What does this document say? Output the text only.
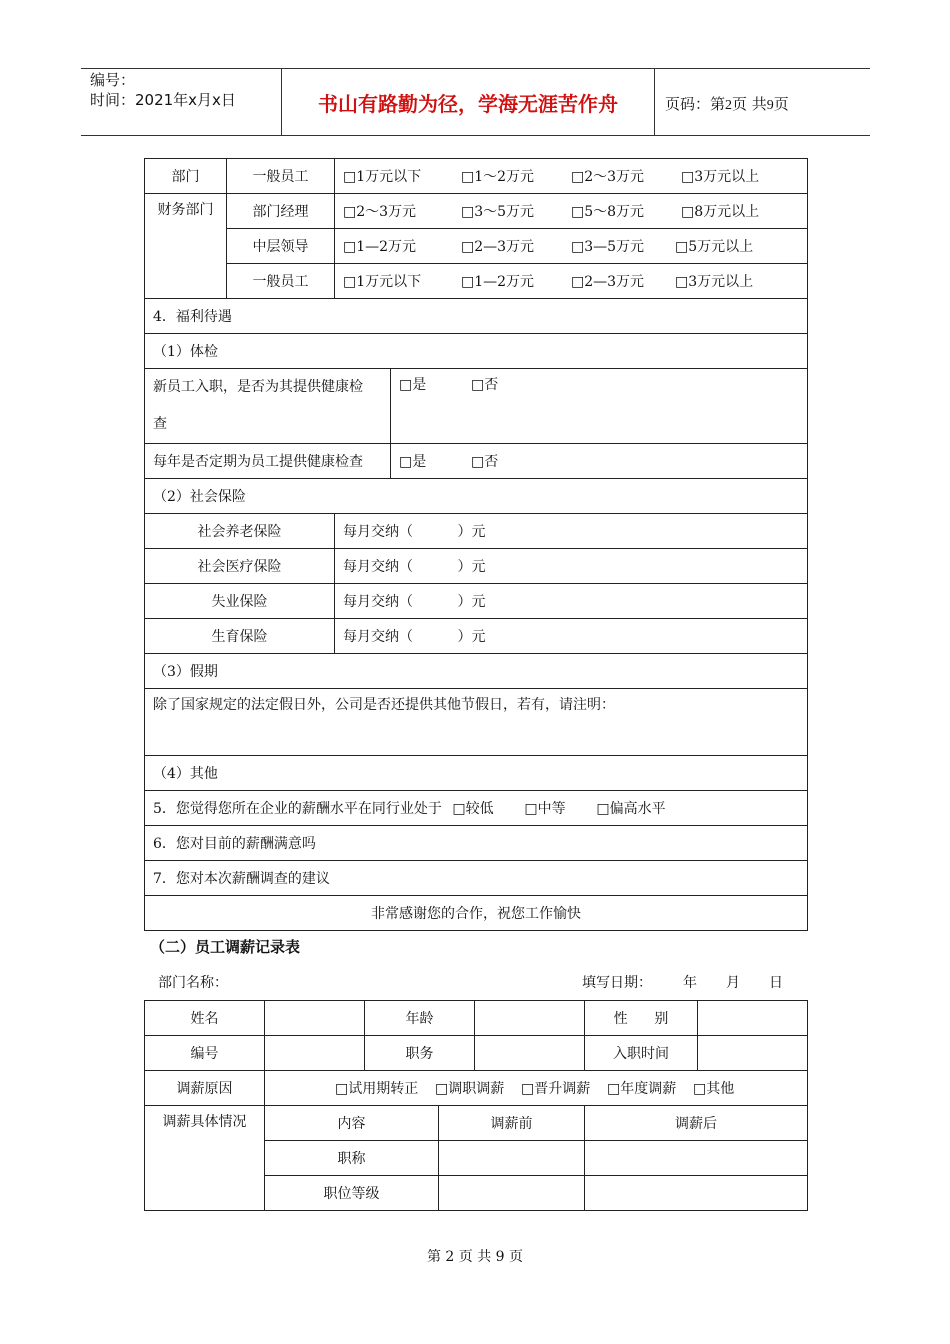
编号：
时间：2021年x月x日	书山有路勤为径，学海无涯苦作舟	页码：第2页 共9页
部门	一般员工	□1万元以下 □1～2万元 □2～3万元 □3万元以上	
财务部门	部门经理	□2～3万元 □3～5万元 □5～8万元 □8万元以上	
	中层领导	□1—2万元 □2—3万元 □3—5万元 □5万元以上	
	一般员工	□1万元以下 □1—2万元 □2—3万元 □3万元以上	
4．福利待遇			
（1）体检			

新员工入职，是否为其提供健康检
查			□是 □否
每年是否定期为员工提供健康检查			□是 □否
（2）社会保险			
社会养老保险		每月交纳（          ）元	
社会医疗保险		每月交纳（          ）元	
失业保险		每月交纳（          ）元	
生育保险		每月交纳（          ）元	
（3）假期			
除了国家规定的法定假日外，公司是否还提供其他节假日，若有，请注明：			
（4）其他			
5．您觉得您所在企业的薪酬水平在同行业处于 □较低 □中等 □偏高水平			
6．您对目前的薪酬满意吗			
7．您对本次薪酬调查的建议			
非常感谢您的合作，祝您工作愉快			
（二）员工调薪记录表
部门名称：	填写日期： 年 月 日
姓名		年龄			性      别	
编号		职务			入职时间	
调薪原因	□试用期转正 □调职调薪 □晋升调薪 □年度调薪 □其他					
调薪具体情况	内容		调薪前		调薪后	
	职称					
	职位等级					
第 2 页 共 9 页
